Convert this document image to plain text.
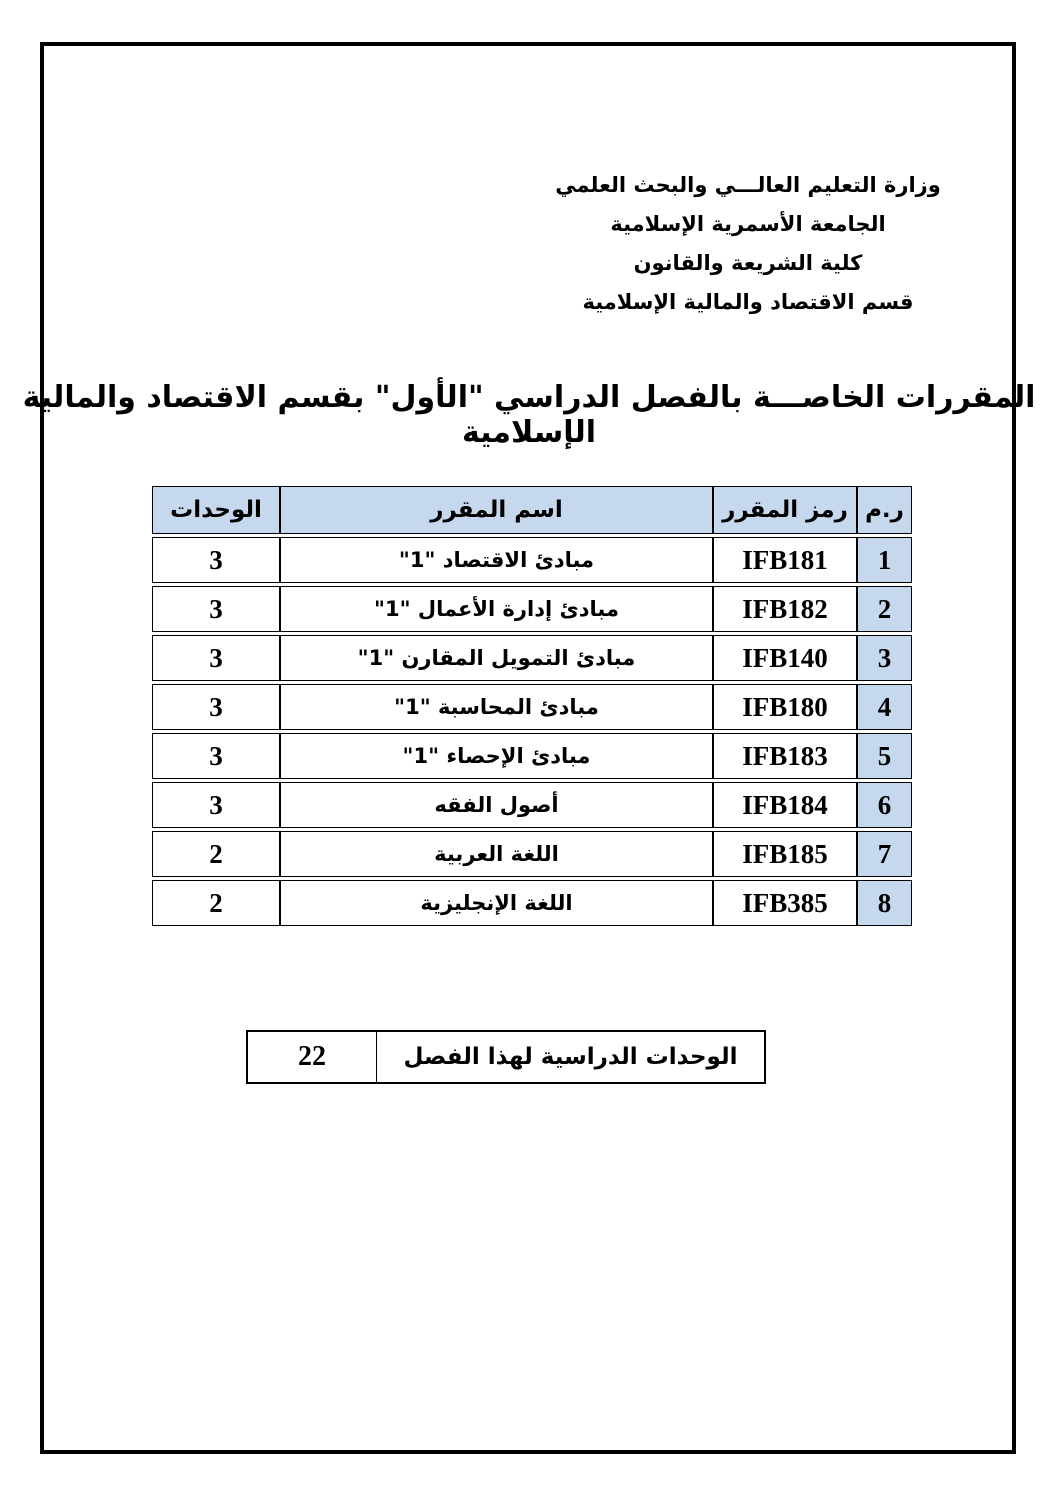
وزارة التعليم العالـــي والبحث العلمي
الجامعة الأسمرية الإسلامية
كلية الشريعة والقانون
قسم الاقتصاد والمالية الإسلامية
المقررات الخاصـــة بالفصل الدراسي "الأول" بقسم الاقتصاد والمالية الإسلامية
ر.م	رمز المقرر	اسم المقرر	الوحدات
1	IFB181	مبادئ الاقتصاد "1"	3
2	IFB182	مبادئ إدارة الأعمال "1"	3
3	IFB140	مبادئ التمويل المقارن "1"	3
4	IFB180	مبادئ المحاسبة "1"	3
5	IFB183	مبادئ الإحصاء "1"	3
6	IFB184	أصول الفقه	3
7	IFB185	اللغة العربية	2
8	IFB385	اللغة الإنجليزية	2
22	الوحدات الدراسية لهذا الفصل
